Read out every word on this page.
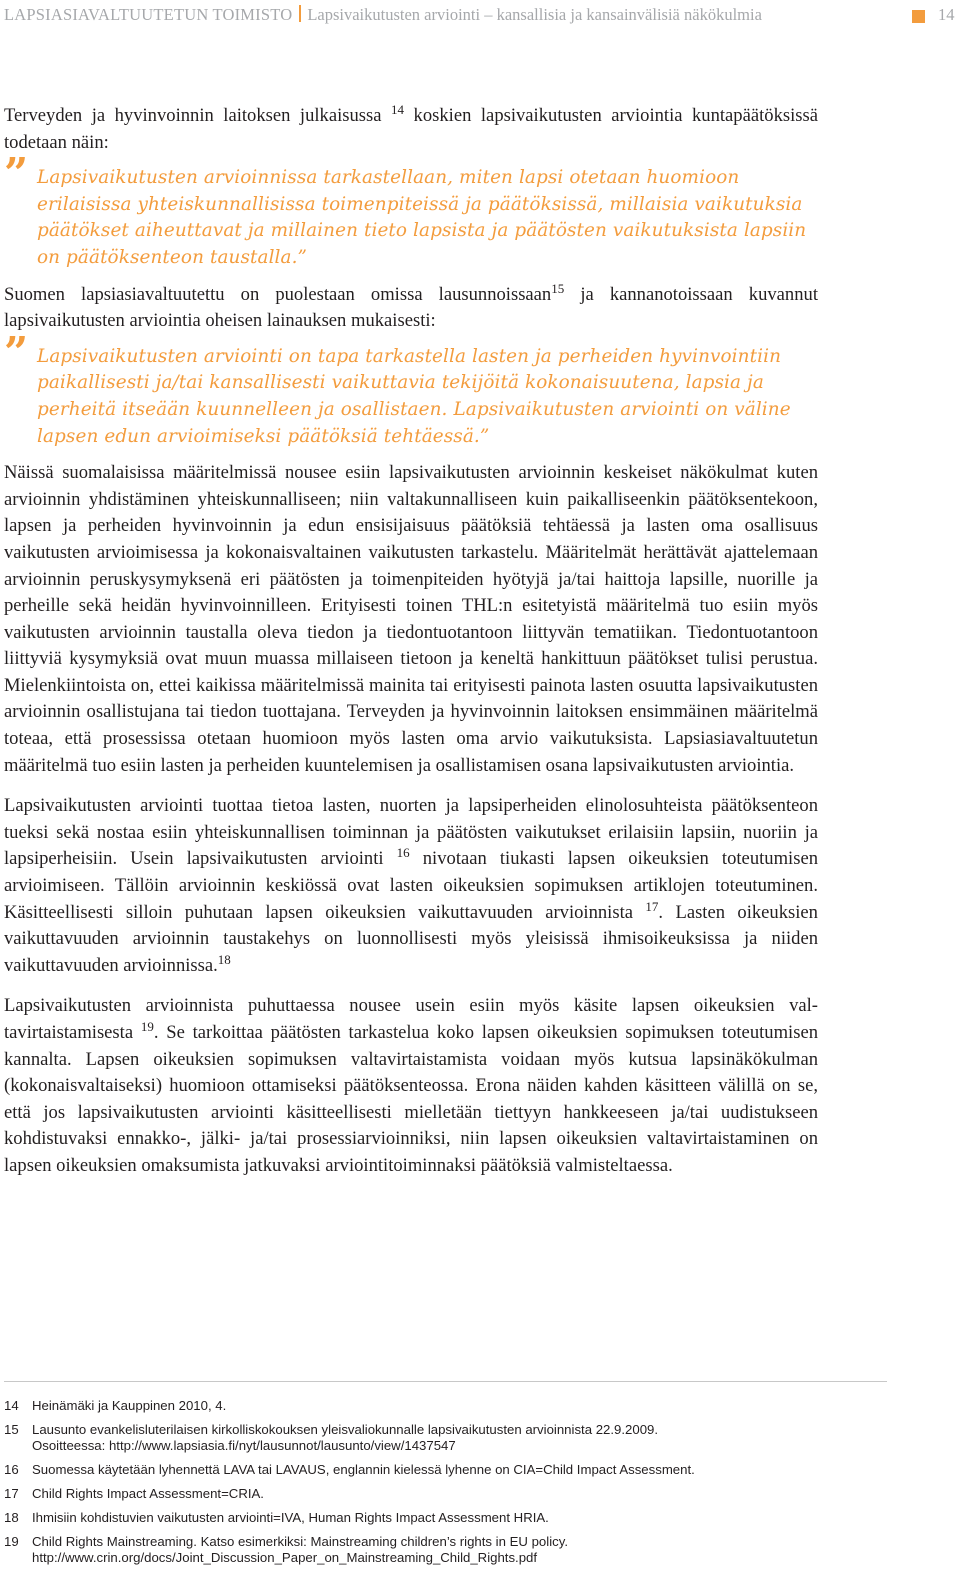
LAPSIASIAVALTUUTETUN TOIMISTO Lapsivaikutusten arviointi – kansallisia ja kansainvälisiä näkökulmia	14

Terveyden ja hyvinvoinnin laitoksen julkaisussa $^{14}$ koskien lapsivaikutusten arviointia kuntapäätöksissä todetaan näin:

” Lapsivaikutusten arvioinnissa tarkastellaan, miten lapsi otetaan huomioon erilaisissa yhteiskunnallisissa toimenpiteissä ja päätöksissä, millaisia vaikutuksia päätökset aiheuttavat ja millainen tieto lapsista ja päätösten vaikutuksista lapsiin on päätöksenteon taustalla.”

Suomen lapsiasiavaltuutettu on puolestaan omissa lausunnoissaan$^{15}$ ja kannanotoissaan kuvannut lapsivaikutusten arviointia oheisen lainauksen mukaisesti:

” Lapsivaikutusten arviointi on tapa tarkastella lasten ja perheiden hyvinvointiin paikallisesti ja/tai kansallisesti vaikuttavia tekijöitä kokonaisuutena, lapsia ja perheitä itseään kuunnelleen ja osallistaen. Lapsivaikutusten arviointi on väline lapsen edun arvioimiseksi päätöksiä tehtäessä.”

Näissä suomalaisissa määritelmissä nousee esiin lapsivaikutusten arvioinnin keskeiset näkökulmat kuten arvioinnin yhdistäminen yhteiskunnalliseen; niin valtakunnalliseen kuin paikalliseenkin päätöksentekoon, lapsen ja perheiden hyvinvoinnin ja edun ensisijaisuus päätöksiä tehtäessä ja lasten oma osallisuus vaikutusten arvioimisessa ja kokonaisvaltainen vaikutusten tarkastelu. Määritelmät herättävät ajattelemaan arvioinnin peruskysymyksenä eri päätösten ja toimenpiteiden hyötyjä ja/tai haittoja lapsille, nuorille ja perheille sekä heidän hyvinvoinnilleen. Erityisesti toinen THL:n esitetyistä määritelmä tuo esiin myös vaikutusten arvioinnin taustalla oleva tiedon ja tiedontuotantoon liittyvän tematiikan. Tiedontuotantoon liittyviä kysymyksiä ovat muun muassa millaiseen tietoon ja keneltä hankittuun päätökset tulisi perustua. Mielenkiintoista on, ettei kaikissa määritelmissä mainita tai erityisesti painota lasten osuutta lapsivaikutusten arvioinnin osallistujana tai tiedon tuottajana. Terveyden ja hyvinvoinnin laitoksen ensimmäinen määritelmä toteaa, että prosessissa otetaan huomioon myös lasten oma arvio vaikutuksista. Lapsiasiavaltuutetun määritelmä tuo esiin lasten ja perheiden kuuntelemisen ja osallistamisen osana lapsivaikutusten arviointia.

Lapsivaikutusten arviointi tuottaa tietoa lasten, nuorten ja lapsiperheiden elinolosuhteista päätöksenteon tueksi sekä nostaa esiin yhteiskunnallisen toiminnan ja päätösten vaikutukset erilaisiin lapsiin, nuoriin ja lapsiperheisiin. Usein lapsivaikutusten arviointi $^{16}$ nivotaan tiukasti lapsen oikeuksien toteutumisen arvioimiseen. Tällöin arvioinnin keskiössä ovat lasten oikeuksien sopimuksen artiklojen toteutuminen. Käsitteellisesti silloin puhutaan lapsen oikeuksien vaikuttavuuden arvioinnista $^{17}$. Lasten oikeuksien vaikuttavuuden arvioinnin taustakehys on luonnollisesti myös yleisissä ihmisoikeuksissa ja niiden vaikuttavuuden arvioinnissa.$^{18}$

Lapsivaikutusten arvioinnista puhuttaessa nousee usein esiin myös käsite lapsen oikeuksien valtavirtaistamisesta $^{19}$. Se tarkoittaa päätösten tarkastelua koko lapsen oikeuksien sopimuksen toteutumisen kannalta. Lapsen oikeuksien sopimuksen valtavirtaistamista voidaan myös kutsua lapsinäkökulman (kokonaisvaltaiseksi) huomioon ottamiseksi päätöksenteossa. Erona näiden kahden käsitteen välillä on se, että jos lapsivaikutusten arviointi käsitteellisesti mielletään tiettyyn hankkeeseen ja/tai uudistukseen kohdistuvaksi ennakko-, jälki- ja/tai prosessiarvioinniksi, niin lapsen oikeuksien valtavirtaistaminen on lapsen oikeuksien omaksumista jatkuvaksi arviointitoiminnaksi päätöksiä valmisteltaessa.

14 Heinämäki ja Kauppinen 2010, 4.
15 Lausunto evankelisluterilaisen kirkolliskokouksen yleisvaliokunnalle lapsivaikutusten arvioinnista 22.9.2009.
Osoitteessa: http://www.lapsiasia.fi/nyt/lausunnot/lausunto/view/1437547
16 Suomessa käytetään lyhennettä LAVA tai LAVAUS, englannin kielessä lyhenne on CIA=Child Impact Assessment.
17 Child Rights Impact Assessment=CRIA.
18 Ihmisiin kohdistuvien vaikutusten arviointi=IVA, Human Rights Impact Assessment HRIA.
19 Child Rights Mainstreaming. Katso esimerkiksi: Mainstreaming children’s rights in EU policy.
http://www.crin.org/docs/Joint_Discussion_Paper_on_Mainstreaming_Child_Rights.pdf
